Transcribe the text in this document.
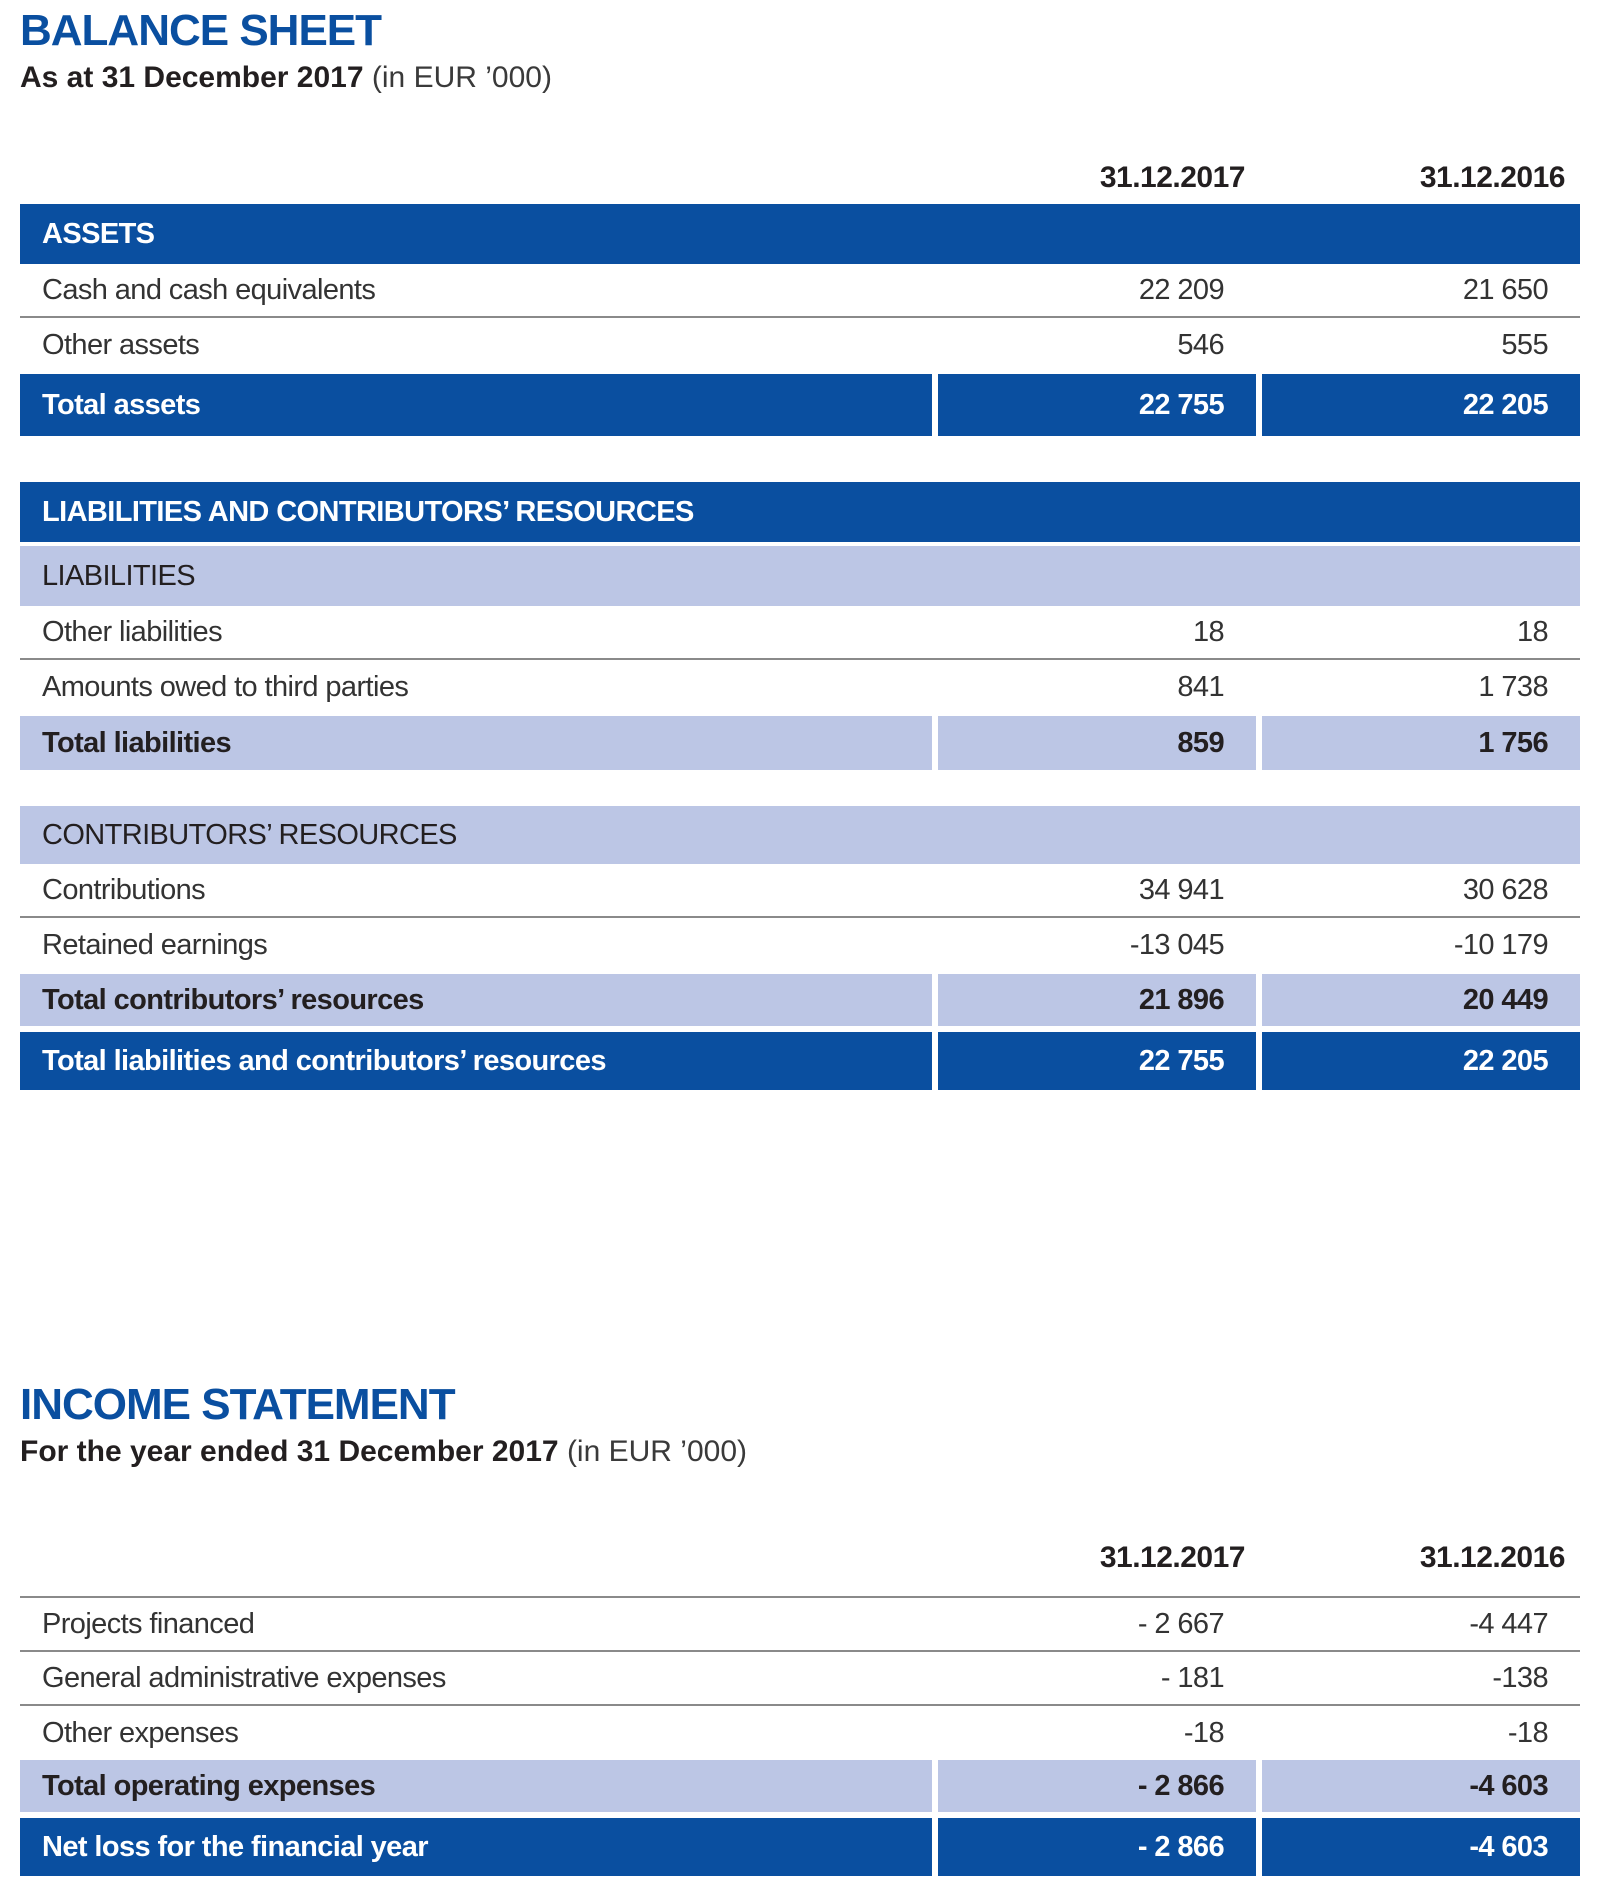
BALANCE SHEET

As at 31 December 2017 (in EUR ’000)

31.12.2017	31.12.2016
ASSETS
Cash and cash equivalents	22 209	21 650
Other assets	546	555
Total assets	22 755	22 205
LIABILITIES AND CONTRIBUTORS’ RESOURCES
LIABILITIES
Other liabilities	18	18
Amounts owed to third parties	841	1 738
Total liabilities	859	1 756
CONTRIBUTORS’ RESOURCES
Contributions	34 941	30 628
Retained earnings	-13 045	-10 179
Total contributors’ resources	21 896	20 449
Total liabilities and contributors’ resources	22 755	22 205
INCOME STATEMENT

For the year ended 31 December 2017 (in EUR ’000)

31.12.2017	31.12.2016
Projects financed	- 2 667	-4 447
General administrative expenses	- 181	-138
Other expenses	-18	-18
Total operating expenses	- 2 866	-4 603
Net loss for the financial year	- 2 866	-4 603
